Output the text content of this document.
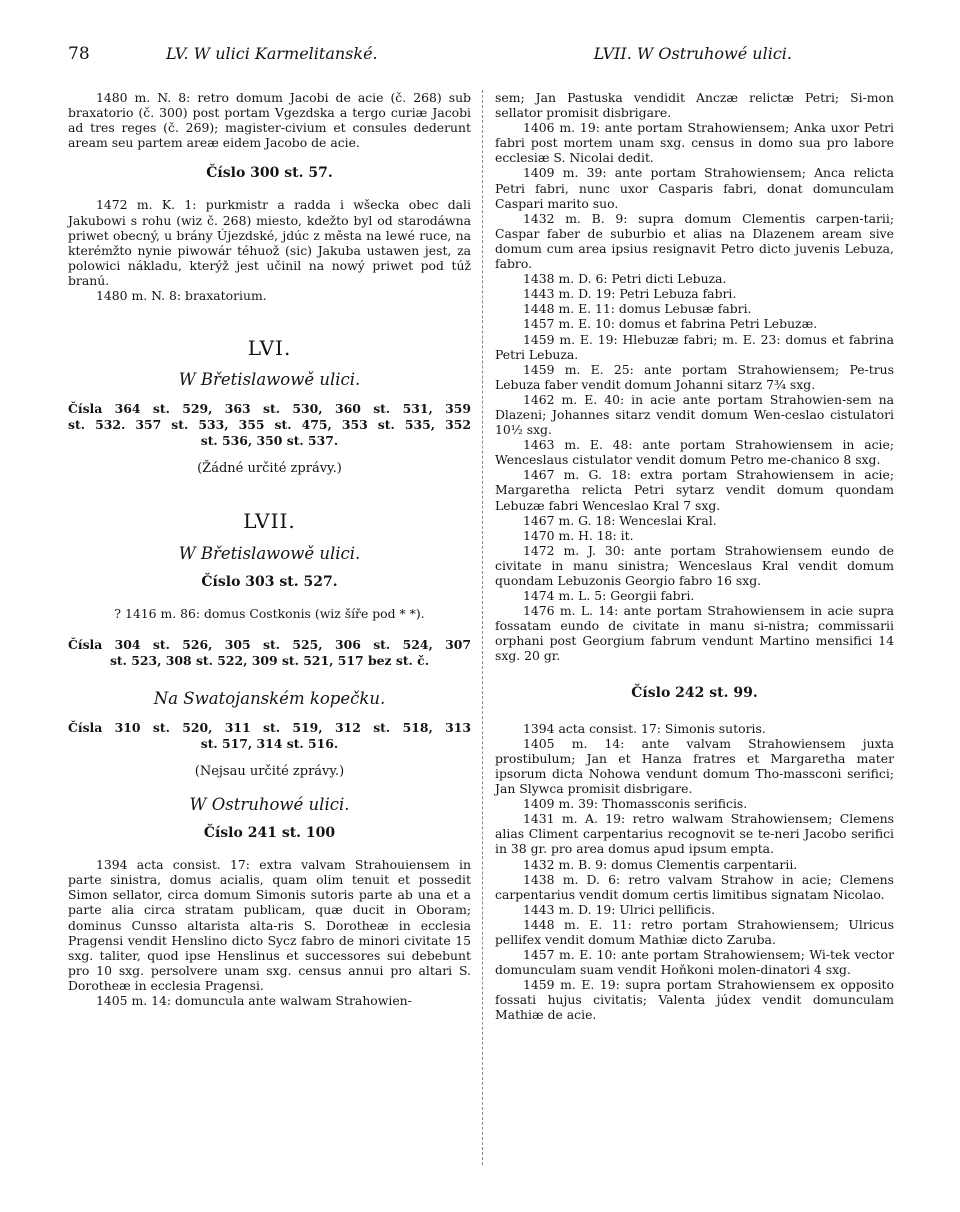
78	LV. W ulici Karmelitanské.	LVII. W Ostruhowé ulici.

1480 m. N. 8: retro domum Jacobi de acie (č. 268) sub braxatorio (č. 300) post portam Vgezdska a tergo curiæ Jacobi ad tres reges (č. 269); magister-civium et consules dederunt aream seu partem areæ eidem Jacobo de acie.

Číslo 300 st. 57.

1472 m. K. 1: purkmistr a radda i wšecka obec dali Jakubowi s rohu (wiz č. 268) miesto, kdežto byl od starodáwna priwet obecný, u brány Újezdské, jdúc z města na lewé ruce, na kterémžto nynie piwowár téhuož (sic) Jakuba ustawen jest, za polowici nákladu, kterýž jest učinil na nowý priwet pod túž branú.

1480 m. N. 8: braxatorium.

LVI.
W Břetislawowě ulici.
Čísla 364 st. 529, 363 st. 530, 360 st. 531, 359
st. 532. 357 st. 533, 355 st. 475, 353 st. 535, 352
st. 536, 350 st. 537.
(Žádné určité zprávy.)
LVII.
W Břetislawowě ulici.
Číslo 303 st. 527.
? 1416 m. 86: domus Costkonis (wiz šíře pod * *).
Čísla 304 st. 526, 305 st. 525, 306 st. 524, 307
st. 523, 308 st. 522, 309 st. 521, 517 bez st. č.
Na Swatojanském kopečku.
Čísla 310 st. 520, 311 st. 519, 312 st. 518, 313
st. 517, 314 st. 516.
(Nejsau určité zprávy.)
W Ostruhowé ulici.
Číslo 241 st. 100

1394 acta consist. 17: extra valvam Strahouiensem in parte sinistra, domus acialis, quam olim tenuit et possedit Simon sellator, circa domum Simonis sutoris parte ab una et a parte alia circa stratam publicam, quæ ducit in Oboram; dominus Cunsso altarista alta-ris S. Dorotheæ in ecclesia Pragensi vendit Henslino dicto Sycz fabro de minori civitate 15 sxg. taliter, quod ipse Henslinus et successores sui debebunt pro 10 sxg. persolvere unam sxg. census annui pro altari S. Dorotheæ in ecclesia Pragensi.

1405 m. 14: domuncula ante walwam Strahowien-

sem; Jan Pastuska vendidit Anczæ relictæ Petri; Si-mon sellator promisit disbrigare.

1406 m. 19: ante portam Strahowiensem; Anka uxor Petri fabri post mortem unam sxg. census in domo sua pro labore ecclesiæ S. Nicolai dedit.

1409 m. 39: ante portam Strahowiensem; Anca relicta Petri fabri, nunc uxor Casparis fabri, donat domunculam Caspari marito suo.

1432 m. B. 9: supra domum Clementis carpen-tarii; Caspar faber de suburbio et alias na Dlazenem aream sive domum cum area ipsius resignavit Petro dicto juvenis Lebuza, fabro.

1438 m. D. 6: Petri dicti Lebuza.

1443 m. D. 19: Petri Lebuza fabri.

1448 m. E. 11: domus Lebusæ fabri.

1457 m. E. 10: domus et fabrina Petri Lebuzæ.

1459 m. E. 19: Hlebuzæ fabri; m. E. 23: domus et fabrina Petri Lebuza.

1459 m. E. 25: ante portam Strahowiensem; Pe-trus Lebuza faber vendit domum Johanni sitarz 7¾ sxg.

1462 m. E. 40: in acie ante portam Strahowien-sem na Dlazeni; Johannes sitarz vendit domum Wen-ceslao cistulatori 10½ sxg.

1463 m. E. 48: ante portam Strahowiensem in acie; Wenceslaus cistulator vendit domum Petro me-chanico 8 sxg.

1467 m. G. 18: extra portam Strahowiensem in acie; Margaretha relicta Petri sytarz vendit domum quondam Lebuzæ fabri Wenceslao Kral 7 sxg.

1467 m. G. 18: Wenceslai Kral.

1470 m. H. 18: it.

1472 m. J. 30: ante portam Strahowiensem eundo de civitate in manu sinistra; Wenceslaus Kral vendit domum quondam Lebuzonis Georgio fabro 16 sxg.

1474 m. L. 5: Georgii fabri.

1476 m. L. 14: ante portam Strahowiensem in acie supra fossatam eundo de civitate in manu si-nistra; commissarii orphani post Georgium fabrum vendunt Martino mensifici 14 sxg. 20 gr.

Číslo 242 st. 99.

1394 acta consist. 17: Simonis sutoris.

1405 m. 14: ante valvam Strahowiensem juxta prostibulum; Jan et Hanza fratres et Margaretha mater ipsorum dicta Nohowa vendunt domum Tho-massconi serifici; Jan Slywca promisit disbrigare.

1409 m. 39: Thomassconis serificis.

1431 m. A. 19: retro walwam Strahowiensem; Clemens alias Climent carpentarius recognovit se te-neri Jacobo serifici in 38 gr. pro area domus apud ipsum empta.

1432 m. B. 9: domus Clementis carpentarii.

1438 m. D. 6: retro valvam Strahow in acie; Clemens carpentarius vendit domum certis limitibus signatam Nicolao.

1443 m. D. 19: Ulrici pellificis.

1448 m. E. 11: retro portam Strahowiensem; Ulricus pellifex vendit domum Mathiæ dicto Zaruba.

1457 m. E. 10: ante portam Strahowiensem; Wi-tek vector domunculam suam vendit Hoňkoni molen-dinatori 4 sxg.

1459 m. E. 19: supra portam Strahowiensem ex opposito fossati hujus civitatis; Valenta júdex vendit domunculam Mathiæ de acie.
